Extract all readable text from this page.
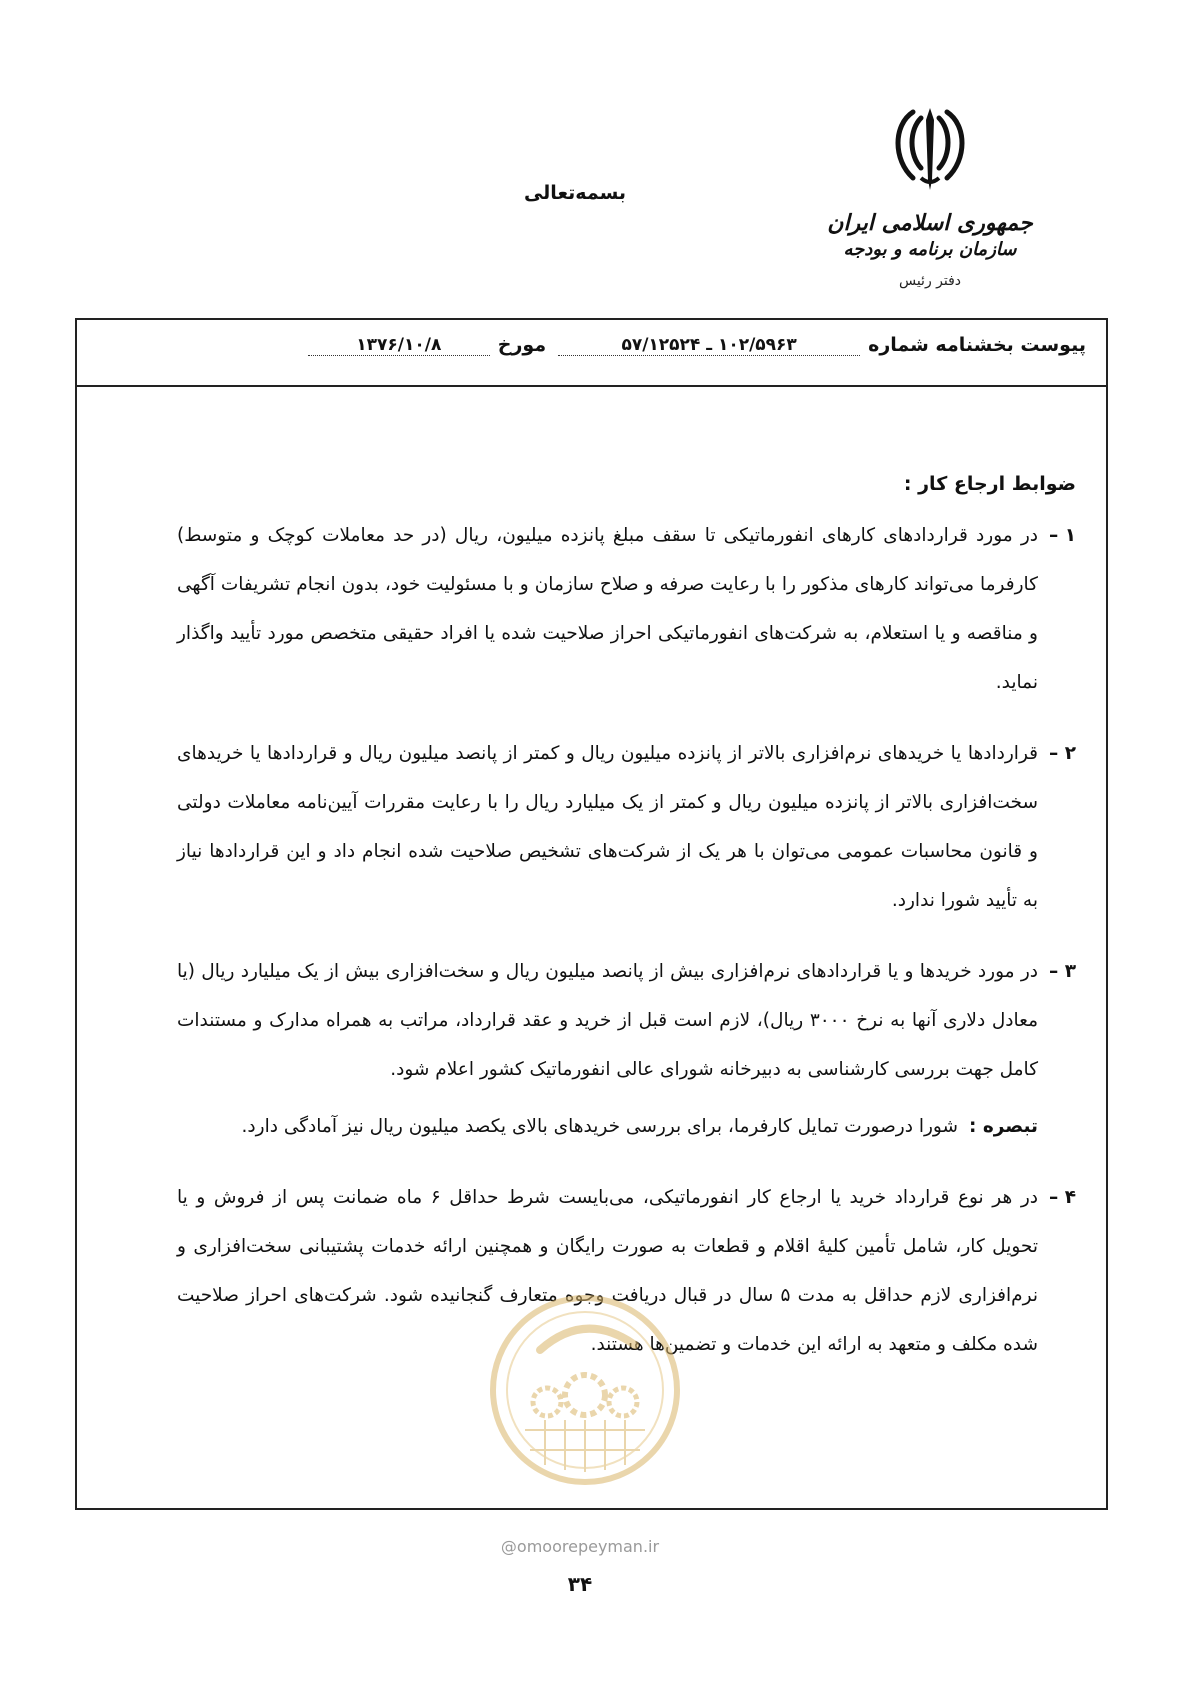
جمهوری اسلامی ایران
سازمان برنامه و بودجه
دفتر رئیس
بسمه‌تعالی
پیوست بخشنامه شماره
۱۰۲/۵۹۶۳ ـ ۵۷/۱۲۵۲۴
مورخ
۱۳۷۶/۱۰/۸
ضوابط ارجاع کار :
۱ –
در مورد قراردادهای کارهای انفورماتیکی تا سقف مبلغ پانزده میلیون، ریال (در حد معاملات کوچک و متوسط) کارفرما می‌تواند کارهای مذکور را با رعایت صرفه و صلاح سازمان و با مسئولیت خود، بدون انجام تشریفات آگهی و مناقصه و یا استعلام، به شرکت‌های انفورماتیکی احراز صلاحیت شده یا افراد حقیقی متخصص مورد تأیید واگذار نماید.
۲ –
قراردادها یا خریدهای نرم‌افزاری بالاتر از پانزده میلیون ریال و کمتر از پانصد میلیون ریال و قراردادها یا خریدهای سخت‌افزاری بالاتر از پانزده میلیون ریال و کمتر از یک میلیارد ریال را با رعایت مقررات آیین‌نامه معاملات دولتی و قانون محاسبات عمومی می‌توان با هر یک از شرکت‌های تشخیص صلاحیت شده انجام داد و این قراردادها نیاز به تأیید شورا ندارد.
۳ –
در مورد خریدها و یا قراردادهای نرم‌افزاری بیش از پانصد میلیون ریال و سخت‌افزاری بیش از یک میلیارد ریال (یا معادل دلاری آنها به نرخ ۳۰۰۰ ریال)، لازم است قبل از خرید و عقد قرارداد، مراتب به همراه مدارک و مستندات کامل جهت بررسی کارشناسی به دبیرخانه شورای عالی انفورماتیک کشور اعلام شود.
تبصره :
شورا درصورت تمایل کارفرما، برای بررسی خریدهای بالای یکصد میلیون ریال نیز آمادگی دارد.
۴ –
در هر نوع قرارداد خرید یا ارجاع کار انفورماتیکی، می‌بایست شرط حداقل ۶ ماه ضمانت پس از فروش و یا تحویل کار، شامل تأمین کلیهٔ اقلام و قطعات به صورت رایگان و همچنین ارائه خدمات پشتیبانی سخت‌افزاری و نرم‌افزاری لازم حداقل به مدت ۵ سال در قبال دریافت وجوه متعارف گنجانیده شود. شرکت‌های احراز صلاحیت شده مکلف و متعهد به ارائه این خدمات و تضمین‌ها هستند.
@omoorepeyman.ir
۳۴
